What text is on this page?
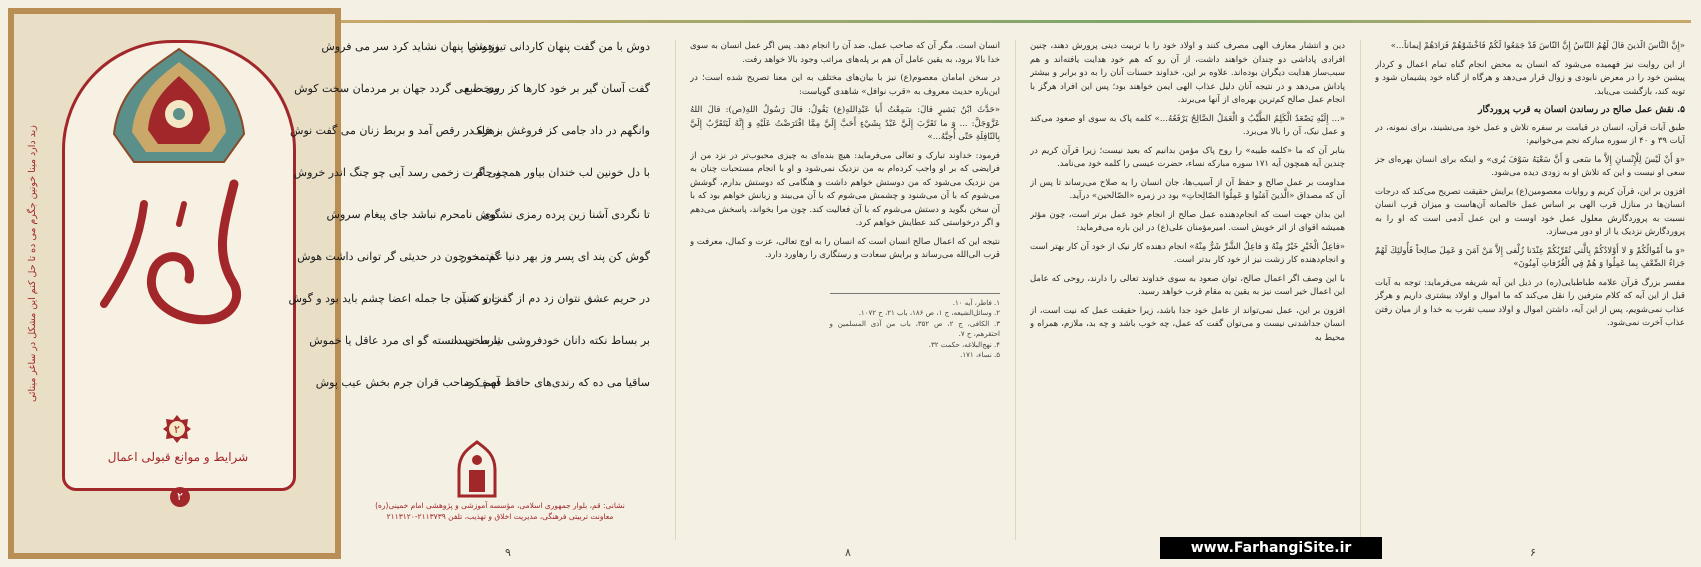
زبد دارد مینا خونین جگرم می ده تا حل کنم این مشکل در ساغر مینائی
۲
شرایط و موانع قبولی اعمال
۲
دوش با من گفت پنهان کاردانی تیزهوش
وز شما پنهان نشاید کرد سر می فروش
گفت آسان گیر بر خود کارها کز روی طبع
سخت می گردد جهان بر مردمان سخت کوش
وانگهم در داد جامی کز فروغش بر فلک
زهره در رقص آمد و بربط زنان می گفت نوش
با دل خونین لب خندان بیاور همچو جام
نی گرت زخمی رسد آیی چو چنگ اندر خروش
تا نگردی آشنا زین پرده رمزی نشنوی
گوش نامحرم نباشد جای پیغام سروش
گوش کن پند ای پسر وز بهر دنیا غم مخور
گفتمت چون در حدیثی گر توانی داشت هوش
در حریم عشق نتوان زد دم از گفت و شنید
زان که آن جا جمله اعضا چشم باید بود و گوش
بر بساط نکته دانان خودفروشی شرط نیست
یا سخن دانسته گو ای مرد عاقل یا خموش
ساقیا می ده که رندی‌های حافظ فهم کرد
آصف صاحب قران جرم بخش عیب پوش
نشانی: قم، بلوار جمهوری اسلامی، مؤسسه آموزشی و پژوهشی امام خمینی(ره)
معاونت تربیتی فرهنگی، مدیریت اخلاق و تهذیب، تلفن ۲۱۱۳۷۳۹-۲۱۱۳۱۲۰

انسان است. مگر آن که صاحب عمل، ضد آن را انجام دهد. پس اگر عمل انسان به سوی خدا بالا برود، به یقین عامل آن هم بر پله‌های مراتب وجود بالا خواهد رفت.

در سخن امامان معصوم(ع) نیز با بیان‌های مختلف به این معنا تصریح شده است؛ در این‌باره حدیث معروف به «قرب نوافل» شاهدی گویاست:

«حَدَّثَ ابْنُ بَشيرٍ قالَ: سَمِعْتُ أَبا عَبْدِاللهِ(ع) يَقُولُ: قالَ رَسُولُ اللهِ(ص): قالَ اللهُ عَزَّوَجَلَّ: ... وَ ما تَقَرَّبَ إِلَيَّ عَبْدٌ بِشَيْءٍ أَحَبَّ إِلَيَّ مِمَّا افْتَرَضْتُ عَلَيْهِ وَ إِنَّهُ لَيَتَقَرَّبُ إِلَيَّ بِالنّافِلَةِ حَتّى أُحِبَّهُ...»

فرمود: خداوند تبارک و تعالی می‌فرماید: هیچ بنده‌ای به چیزی محبوب‌تر در نزد من از فرایضی که بر او واجب کرده‌ام به من نزدیک نمی‌شود و او با انجام مستحبات چنان به من نزدیک می‌شود که من دوستش خواهم داشت و هنگامی که دوستش بدارم، گوشش می‌شوم که با آن می‌شنود و چشمش می‌شوم که با آن می‌بیند و زبانش خواهم بود که با آن سخن بگوید و دستش می‌شوم که با آن فعالیت کند. چون مرا بخواند، پاسخش می‌دهم و اگر درخواستی کند عطایش خواهم کرد.

نتیجه این که اعمال صالح انسان است که انسان را به اوج تعالی، عزت و کمال، معرفت و قرب الی‌الله می‌رساند و برایش سعادت و رستگاری را رهاورد دارد.

۱. فاطر، آیه ۱۰.
۲. وسائل‌الشیعه، ج ۱، ص ۱۸۶، باب ۲۱، ح ۱۰۷۲.
۳. الکافی، ج ۲، ص ۳۵۲، باب من آذى المسلمین و احتقرهم، ح ۷.
۴. نهج‌البلاغه، حکمت ۳۲.
۵. نساء، ۱۷۱.

دین و انتشار معارف الهی مصرف کنند و اولاد خود را با تربیت دینی پرورش دهند، چنین افرادی پاداشی دو چندان خواهند داشت، از آن رو که هم خود هدایت یافته‌اند و هم سبب‌ساز هدایت دیگران بوده‌اند. علاوه بر این، خداوند حسنات آنان را به دو برابر و بیشتر پاداش می‌دهد و در نتیجه آنان دلیل عذاب الهی ایمن خواهند بود؛ پس این افراد هرگز با انجام عمل صالح کم‌ترین بهره‌ای از آنها می‌برند.

«... إِلَيْهِ يَصْعَدُ الْكَلِمُ الطَّيِّبُ وَ الْعَمَلُ الصَّالِحُ يَرْفَعُهُ...» کلمه پاک به سوی او صعود می‌کند و عمل نیک، آن را بالا می‌برد.

بنابر آن که ما «کلمه طیبه» را روح پاک مؤمن بدانیم که بعید نیست؛ زیرا قرآن کریم در چندین آیه همچون آیه ۱۷۱ سوره مبارکه نساء، حضرت عیسی را کلمه خود می‌نامد.

مداومت بر عمل صالح و حفظ آن از آسیب‌ها، جان انسان را به صلاح می‌رساند تا پس از آن که مصداق «الَّذينَ آمَنُوا وَ عَمِلُوا الصّالِحاتِ» بود در زمره «الصّالحین» درآید.

این بدان جهت است که انجام‌دهنده عمل صالح از انجام خود عمل برتر است، چون مؤثر همیشه اقوای از اثر خویش است. امیرمؤمنان علی(ع) در این باره می‌فرماید:

«فاعِلُ الْخَيْرِ خَيْرٌ مِنْهُ وَ فاعِلُ الشَّرِّ شَرٌّ مِنْهُ» انجام دهنده کار نیک از خود آن کار بهتر است و انجام‌دهنده کار زشت نیز از خود کار بدتر است.

با این وصف اگر اعمال صالح، توان صعود به سوی خداوند تعالی را دارند، روحی که عامل این اعمال خیر است نیز به یقین به مقام قرب خواهد رسید.

افزون بر این، عمل نمی‌تواند از عامل خود جدا باشد، زیرا حقیقت عمل که نیت است، از انسان جداشدنی نیست و می‌توان گفت که عمل، چه خوب باشد و چه بد، ملازم، همراه و محیط به

«إِنَّ النَّاسَ الَّذينَ قالَ لَهُمُ النّاسُ إِنَّ النّاسَ قَدْ جَمَعُوا لَكُمْ فَاخْشَوْهُمْ فَزادَهُمْ إيماناً...»

از این روایت نیز فهمیده می‌شود که انسان به محض انجام گناه تمام اعمال و کردار پیشین خود را در معرض نابودی و زوال قرار می‌دهد و هرگاه از گناه خود پشیمان شود و توبه کند، بازگشت می‌یابد.

۵. نقش عمل صالح در رساندن انسان به قرب پروردگار

طبق آیات قرآن، انسان در قیامت بر سفره تلاش و عمل خود می‌نشیند، برای نمونه، در آیات ۳۹ و ۴۰ از سوره مبارکه نجم می‌خوانیم:

«وَ أَنْ لَيْسَ لِلْإِنْسانِ إِلاَّ ما سَعى وَ أَنَّ سَعْيَهُ سَوْفَ يُرى» و اینکه برای انسان بهره‌ای جز سعی او نیست و این که تلاش او به زودی دیده می‌شود.

افزون بر این، قرآن کریم و روایات معصومین(ع) برایش حقیقت تصریح می‌کند که درجات انسان‌ها در منازل قرب الهی بر اساس عمل خالصانه آن‌هاست و میزان قرب انسان نسبت به پروردگارش معلول عمل خود اوست و این عمل آدمی است که او را به پروردگارش نزدیک یا از او دور می‌سازد.

«وَ ما أَمْوالُكُمْ وَ لا أَوْلادُكُمْ بِالَّتي تُقَرِّبُكُمْ عِنْدَنا زُلْفى إِلاَّ مَنْ آمَنَ وَ عَمِلَ صالِحاً فَأُولئِكَ لَهُمْ جَزاءُ الضِّعْفِ بِما عَمِلُوا وَ هُمْ فِي الْغُرُفاتِ آمِنُونَ»

مفسر بزرگ قرآن علامه طباطبایی(ره) در ذیل این آیه شریفه می‌فرماید: توجه به آیات قبل از این آیه که کلام مترفین را نقل می‌کند که ما اموال و اولاد بیشتری داریم و هرگز عذاب نمی‌شویم، پس از این آیه، داشتن اموال و اولاد سبب تقرب به خدا و از میان رفتن عذاب آخرت نمی‌شود.

۹	۸	۶
www.FarhangiSite.ir
